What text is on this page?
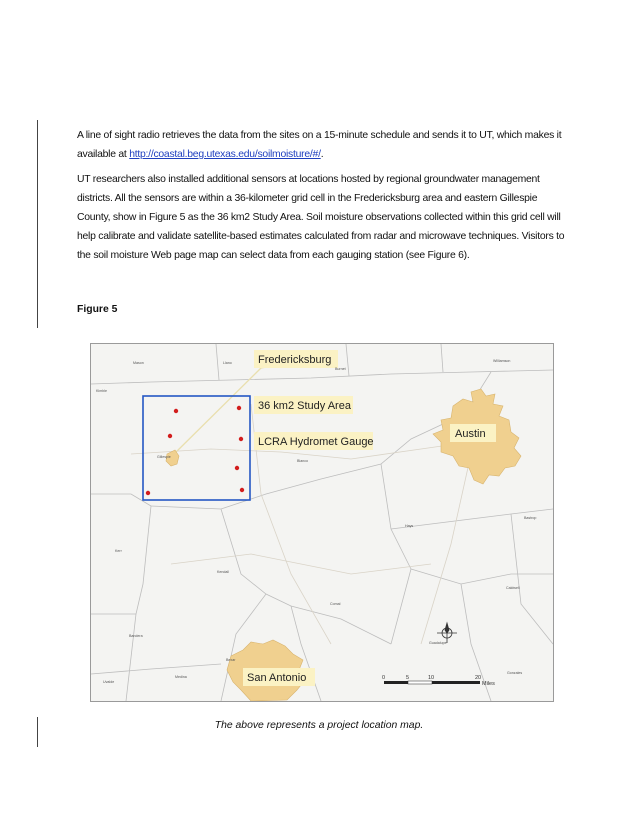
A line of sight radio retrieves the data from the sites on a 15-minute schedule and sends it to UT, which makes it available at http://coastal.beg.utexas.edu/soilmoisture/#/.

UT researchers also installed additional sensors at locations hosted by regional groundwater management districts. All the sensors are within a 36-kilometer grid cell in the Fredericksburg area and eastern Gillespie County, show in Figure 5 as the 36 km2 Study Area. Soil moisture observations collected within this grid cell will help calibrate and validate satellite-based estimates calculated from radar and microwave techniques. Visitors to the soil moisture Web page map can select data from each gauging station (see Figure 6).

Figure 5
Fredericksburg
36 km2 Study Area
LCRA Hydromet Gauge
Austin
San Antonio
Mason	Llano
Burnet
Williamson
Kimble
Gillespie
Blanco
Hays
Kerr
Kendall
Comal
Bastrop
Caldwell
Bandera
Guadalupe
Bexar
Medina
Uvalde
Gonzales
0	5	10	20
Miles
The above represents a project location map.
